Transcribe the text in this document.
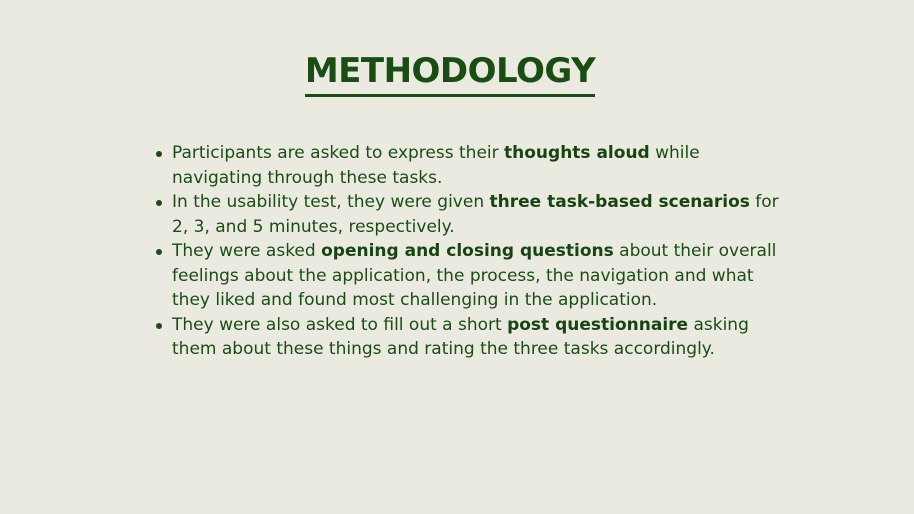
METHODOLOGY
Participants are asked to express their thoughts aloud while navigating through these tasks.
In the usability test, they were given three task-based scenarios for 2, 3, and 5 minutes, respectively.
They were asked opening and closing questions about their overall feelings about the application, the process, the navigation and what they liked and found most challenging in the application.
They were also asked to fill out a short post questionnaire asking them about these things and rating the three tasks accordingly.
